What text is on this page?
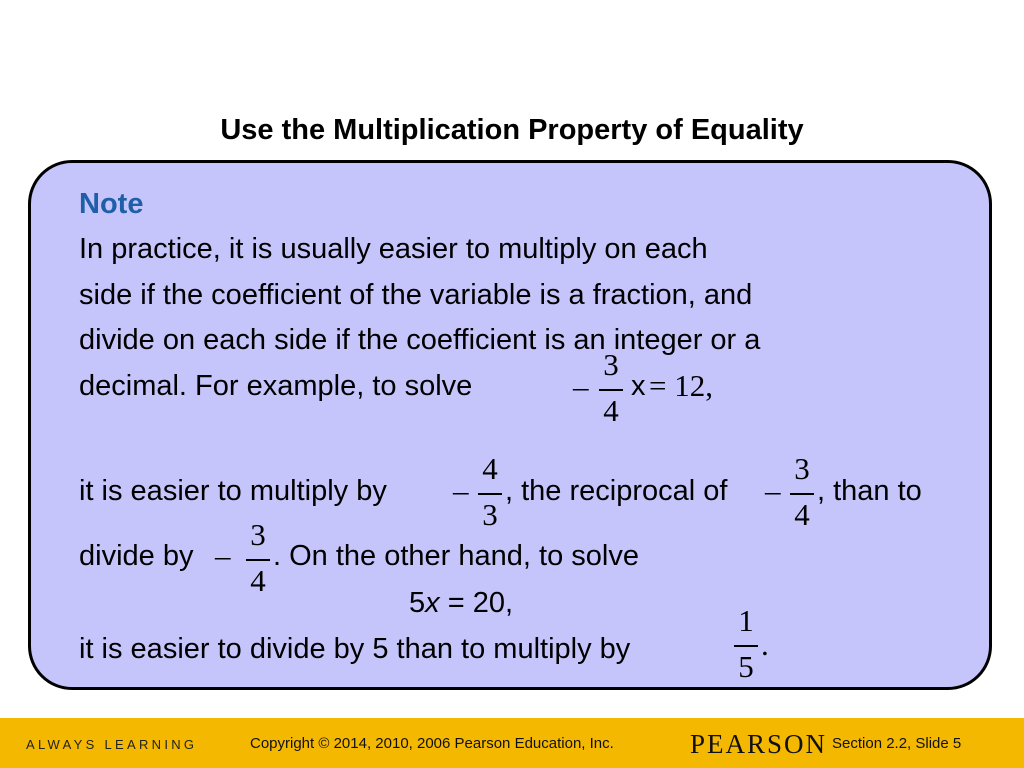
Use the Multiplication Property of Equality
Note
In practice, it is usually easier to multiply on each
side if the coefficient of the variable is a fraction, and
divide on each side if the coefficient is an integer or a
decimal. For example, to solve	–
3
4
x = 12,
it is easier to multiply by –
4
3
, the reciprocal of –
3
4
, than to
divide by –
3
4
. On the other hand, to solve
5x = 20,
it is easier to divide by 5 than to multiply by
1
5
.
ALWAYS LEARNING	Copyright © 2014, 2010, 2006 Pearson Education, Inc.	PEARSON Section 2.2, Slide 5
